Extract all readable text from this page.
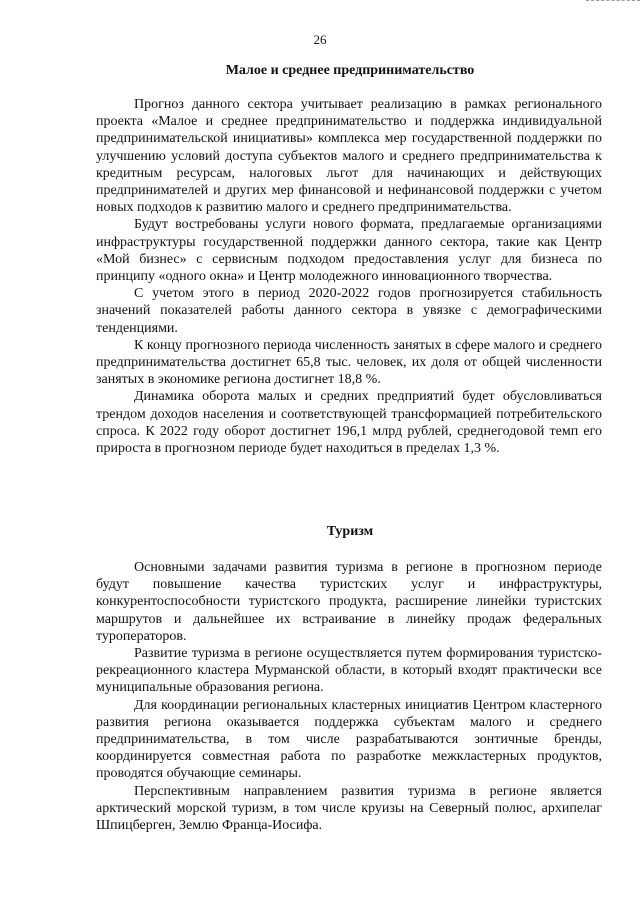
26
Малое и среднее предпринимательство

Прогноз данного сектора учитывает реализацию в рамках регионального проекта «Малое и среднее предпринимательство и поддержка индивидуальной предпринимательской инициативы» комплекса мер государственной поддержки по улучшению условий доступа субъектов малого и среднего предпринимательства к кредитным ресурсам, налоговых льгот для начинающих и действующих предпринимателей и других мер финансовой и нефинансовой поддержки с учетом новых подходов к развитию малого и среднего предпринимательства.

Будут востребованы услуги нового формата, предлагаемые организациями инфраструктуры государственной поддержки данного сектора, такие как Центр «Мой бизнес» с сервисным подходом предоставления услуг для бизнеса по принципу «одного окна» и Центр молодежного инновационного творчества.

С учетом этого в период 2020-2022 годов прогнозируется стабильность значений показателей работы данного сектора в увязке с демографическими тенденциями.

К концу прогнозного периода численность занятых в сфере малого и среднего предпринимательства достигнет 65,8 тыс. человек, их доля от общей численности занятых в экономике региона достигнет 18,8 %.

Динамика оборота малых и средних предприятий будет обусловливаться трендом доходов населения и соответствующей трансформацией потребительского спроса. К 2022 году оборот достигнет 196,1 млрд рублей, среднегодовой темп его прироста в прогнозном периоде будет находиться в пределах 1,3 %.

Туризм

Основными задачами развития туризма в регионе в прогнозном периоде будут повышение качества туристских услуг и инфраструктуры, конкурентоспособности туристского продукта, расширение линейки туристских маршрутов и дальнейшее их встраивание в линейку продаж федеральных туроператоров.

Развитие туризма в регионе осуществляется путем формирования туристско-рекреационного кластера Мурманской области, в который входят практически все муниципальные образования региона.

Для координации региональных кластерных инициатив Центром кластерного развития региона оказывается поддержка субъектам малого и среднего предпринимательства, в том числе разрабатываются зонтичные бренды, координируется совместная работа по разработке межкластерных продуктов, проводятся обучающие семинары.

Перспективным направлением развития туризма в регионе является арктический морской туризм, в том числе круизы на Северный полюс, архипелаг Шпицберген, Землю Франца-Иосифа.
